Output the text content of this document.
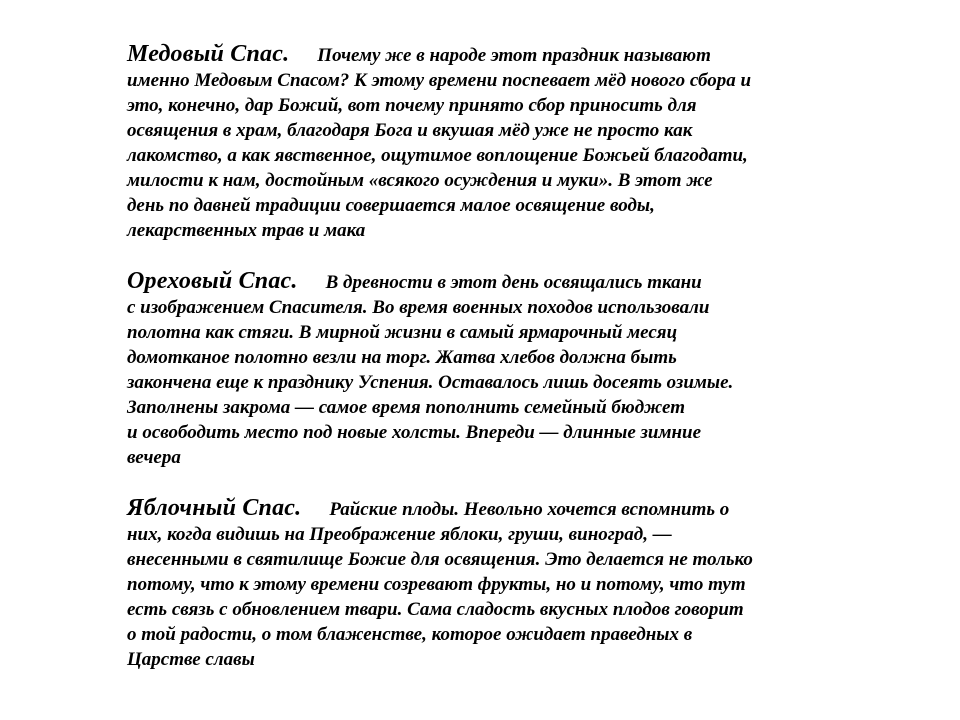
Медовый Спас. Почему же в народе этот праздник называют
именно Медовым Спасом? К этому времени поспевает мёд нового сбора и
это, конечно, дар Божий, вот почему принято сбор приносить для
освящения в храм, благодаря Бога и вкушая мёд уже не просто как
лакомство, а как явственное, ощутимое воплощение Божьей благодати,
милости к нам, достойным «всякого осуждения и муки». В этот же
день по давней традиции совершается малое освящение воды,
лекарственных трав и мака
Ореховый Спас. В древности в этот день освящались ткани
с изображением Спасителя. Во время военных походов использовали
полотна как стяги. В мирной жизни в самый ярмарочный месяц
домотканое полотно везли на торг. Жатва хлебов должна быть
закончена еще к празднику Успения. Оставалось лишь досеять озимые.
Заполнены закрома — самое время пополнить семейный бюджет
и освободить место под новые холсты. Впереди — длинные зимние
вечера
Яблочный Спас. Райские плоды. Невольно хочется вспомнить о
них, когда видишь на Преображение яблоки, груши, виноград, —
внесенными в святилище Божие для освящения. Это делается не только
потому, что к этому времени созревают фрукты, но и потому, что тут
есть связь с обновлением твари. Сама сладость вкусных плодов говорит
о той радости, о том блаженстве, которое ожидает праведных в
Царстве славы
